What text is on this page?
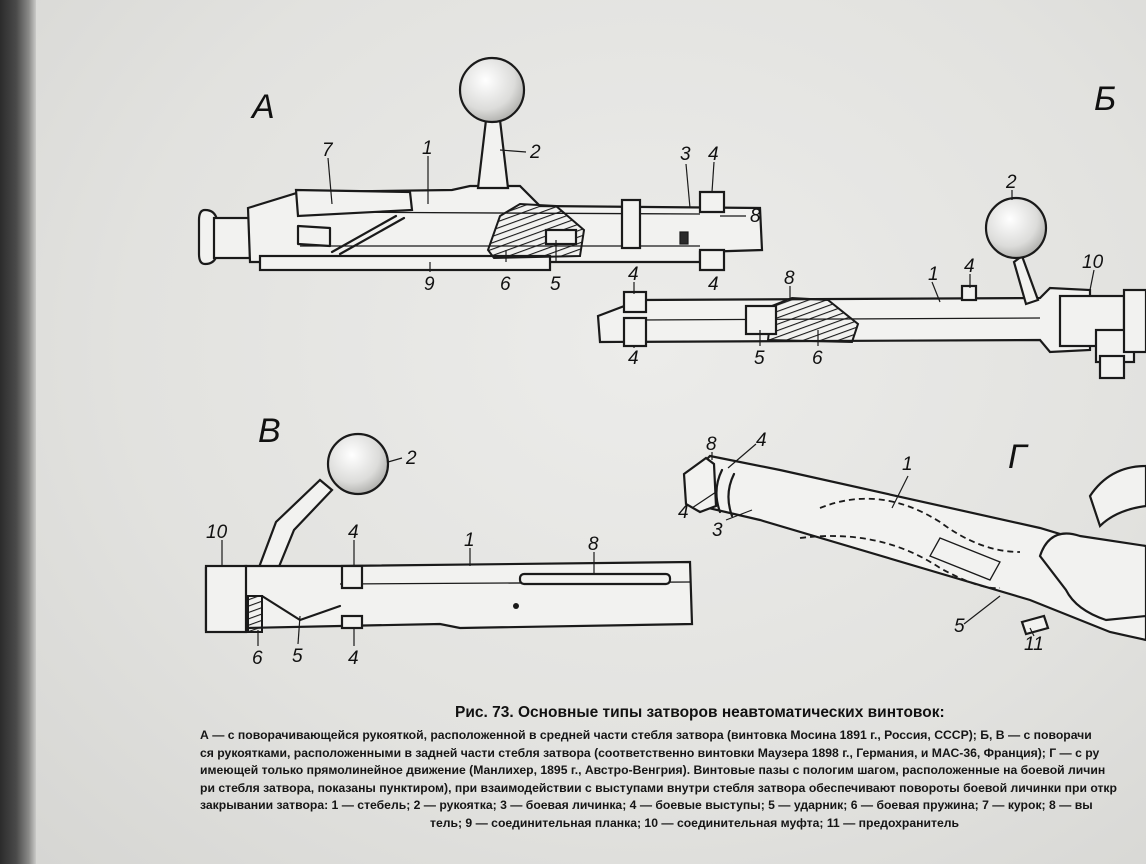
А	Б
В
Г
7	1	2	3 4
8
9	6 5	4
2
4
8	1
4
10
5 6
4
2
10	4	1	8
6 5 4
8 4
1
4
3
5
11
Рис. 73. Основные типы затворов неавтоматических винтовок:
А — с поворачивающейся рукояткой, расположенной в средней части стебля затвора (винтовка Мосина 1891 г., Россия, СССР); Б, В — с поворачи
ся рукоятками, расположенными в задней части стебля затвора (соответственно винтовки Маузера 1898 г., Германия, и МАС-36, Франция); Г — с ру
имеющей только прямолинейное движение (Манлихер, 1895 г., Австро-Венгрия). Винтовые пазы с пологим шагом, расположенные на боевой личин
ри стебля затвора, показаны пунктиром), при взаимодействии с выступами внутри стебля затвора обеспечивают повороты боевой личинки при откр
закрывании затвора: 1 — стебель; 2 — рукоятка; 3 — боевая личинка; 4 — боевые выступы; 5 — ударник; 6 — боевая пружина; 7 — курок; 8 — вы
тель; 9 — соединительная планка; 10 — соединительная муфта; 11 — предохранитель
